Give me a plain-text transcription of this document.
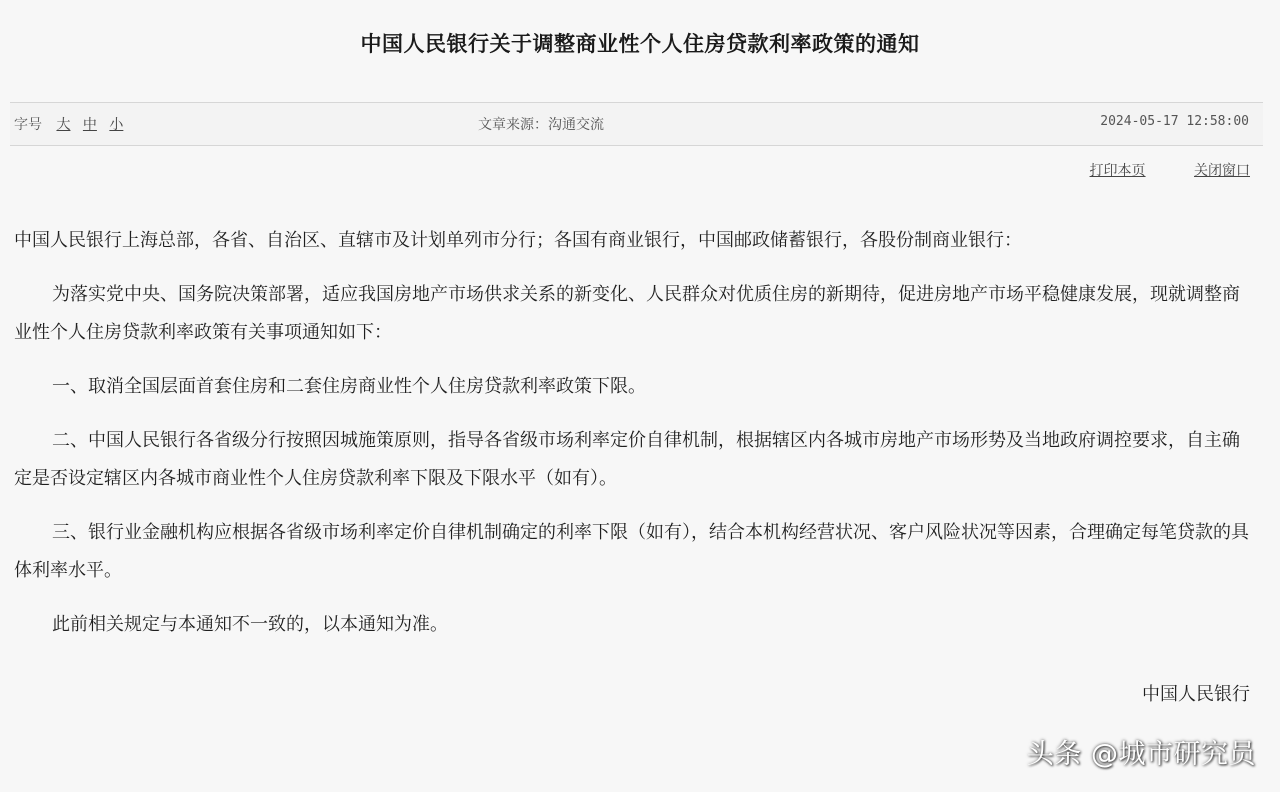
中国人民银行关于调整商业性个人住房贷款利率政策的通知
字号 大 中 小	文章来源：沟通交流	2024-05-17 12:58:00
打印本页	关闭窗口

中国人民银行上海总部，各省、自治区、直辖市及计划单列市分行；各国有商业银行，中国邮政储蓄银行，各股份制商业银行：

为落实党中央、国务院决策部署，适应我国房地产市场供求关系的新变化、人民群众对优质住房的新期待，促进房地产市场平稳健康发展，现就调整商业性个人住房贷款利率政策有关事项通知如下：

一、取消全国层面首套住房和二套住房商业性个人住房贷款利率政策下限。

二、中国人民银行各省级分行按照因城施策原则，指导各省级市场利率定价自律机制，根据辖区内各城市房地产市场形势及当地政府调控要求，自主确定是否设定辖区内各城市商业性个人住房贷款利率下限及下限水平（如有）。

三、银行业金融机构应根据各省级市场利率定价自律机制确定的利率下限（如有），结合本机构经营状况、客户风险状况等因素，合理确定每笔贷款的具体利率水平。

此前相关规定与本通知不一致的，以本通知为准。

中国人民银行
头条 @城市研究员
